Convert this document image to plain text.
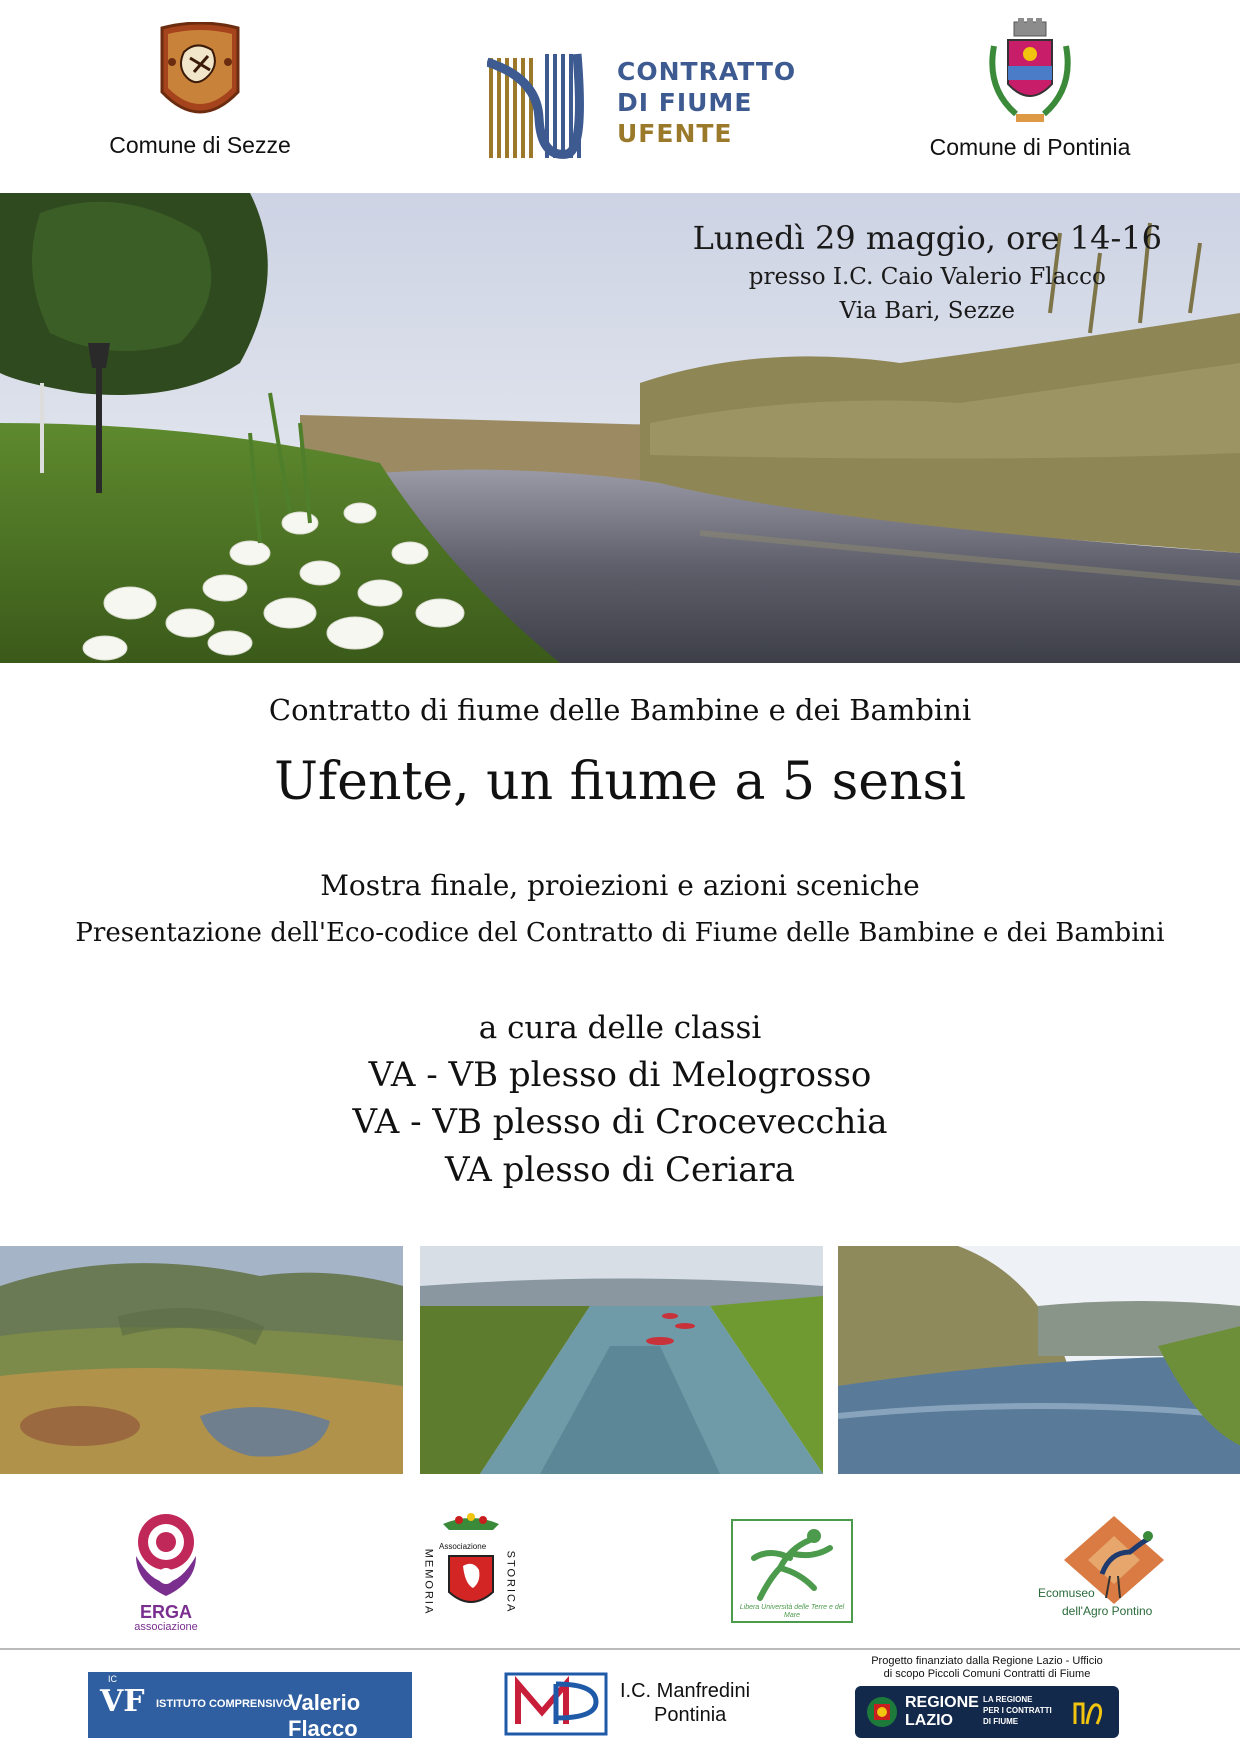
Comune di Sezze
CONTRATTO
DI FIUME
UFENTE	Comune di Pontinia
Lunedì 29 maggio, ore 14-16
presso I.C. Caio Valerio Flacco
Via Bari, Sezze
Contratto di fiume delle Bambine e dei Bambini
Ufente, un fiume a 5 sensi
Mostra finale, proiezioni e azioni sceniche
Presentazione dell'Eco-codice del Contratto di Fiume delle Bambine e dei Bambini
a cura delle classi
VA - VB plesso di Melogrosso
VA - VB plesso di Crocevecchia
VA plesso di Ceriara
ERGA
associazione
Associazione
MEMORIA	STORICA	Libera Università delle Terre e del Mare
Ecomuseo
dell'Agro Pontino
IC
VF ISTITUTO COMPRENSIVO
Valerio Flacco
I.C. Manfredini
Pontinia
Progetto finanziato dalla Regione Lazio - Ufficio
di scopo Piccoli Comuni Contratti di Fiume
REGIONE
LAZIO
LA REGIONE
PER I CONTRATTI
DI FIUME
